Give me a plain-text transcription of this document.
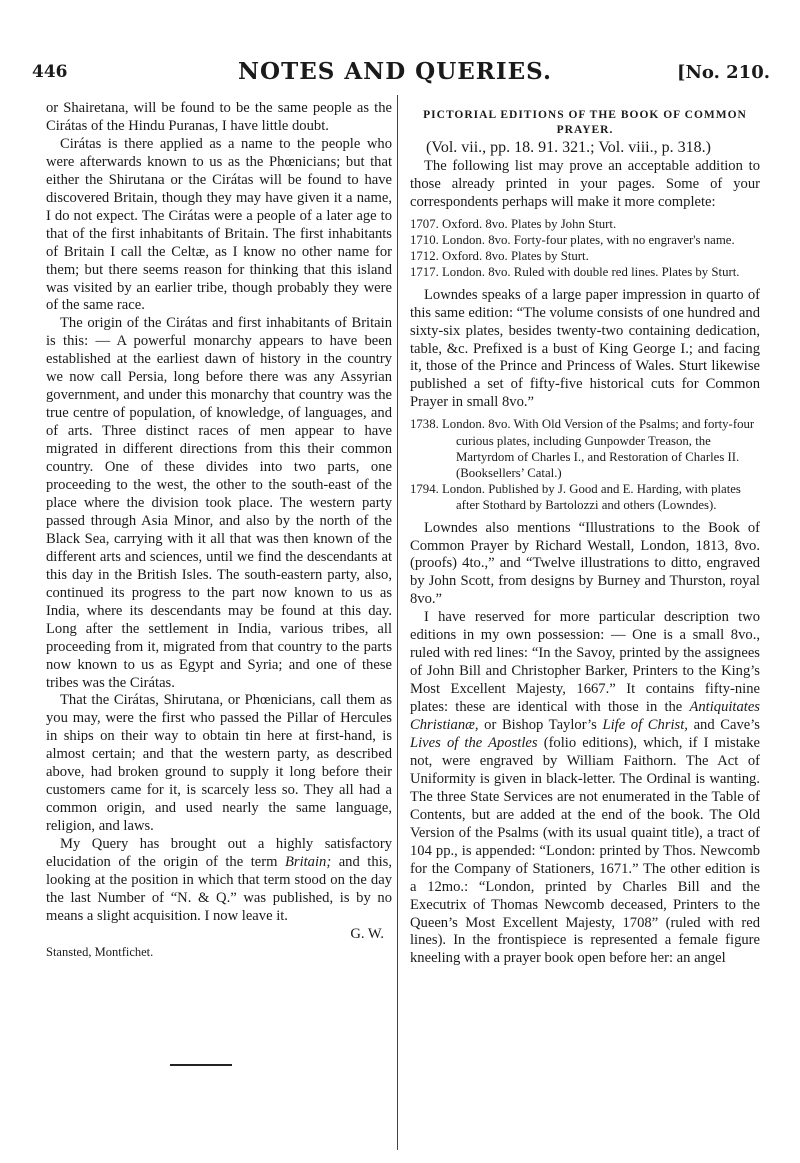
446	NOTES AND QUERIES.	[No. 210.

or Shairetana, will be found to be the same people as the Cirátas of the Hindu Puranas, I have little doubt.

Cirátas is there applied as a name to the people who were afterwards known to us as the Phœnicians; but that either the Shirutana or the Cirátas will be found to have discovered Britain, though they may have given it a name, I do not expect. The Cirátas were a people of a later age to that of the first inhabitants of Britain. The first inhabitants of Britain I call the Celtæ, as I know no other name for them; but there seems reason for thinking that this island was visited by an earlier tribe, though probably they were of the same race.

The origin of the Cirátas and first inhabitants of Britain is this: — A powerful monarchy appears to have been established at the earliest dawn of history in the country we now call Persia, long before there was any Assyrian government, and under this monarchy that country was the true centre of population, of knowledge, of languages, and of arts. Three distinct races of men appear to have migrated in different directions from this their common country. One of these divides into two parts, one proceeding to the west, the other to the south-east of the place where the division took place. The western party passed through Asia Minor, and also by the north of the Black Sea, carrying with it all that was then known of the different arts and sciences, until we find the descendants at this day in the British Isles. The south-eastern party, also, continued its progress to the part now known to us as India, where its descendants may be found at this day. Long after the settlement in India, various tribes, all proceeding from it, migrated from that country to the parts now known to us as Egypt and Syria; and one of these tribes was the Cirátas.

That the Cirátas, Shirutana, or Phœnicians, call them as you may, were the first who passed the Pillar of Hercules in ships on their way to obtain tin here at first-hand, is almost certain; and that the western party, as described above, had broken ground to supply it long before their customers came for it, is scarcely less so. They all had a common origin, and used nearly the same language, religion, and laws.

My Query has brought out a highly satisfactory elucidation of the origin of the term Britain; and this, looking at the position in which that term stood on the day the last Number of “N. & Q.” was published, is by no means a slight acquisition. I now leave it.

G. W.
Stansted, Montfichet.

PICTORIAL EDITIONS OF THE BOOK OF COMMON PRAYER.

(Vol. vii., pp. 18. 91. 321.; Vol. viii., p. 318.)

The following list may prove an acceptable addition to those already printed in your pages. Some of your correspondents perhaps will make it more complete:

1707. Oxford. 8vo. Plates by John Sturt.

1710. London. 8vo. Forty-four plates, with no engraver's name.

1712. Oxford. 8vo. Plates by Sturt.

1717. London. 8vo. Ruled with double red lines. Plates by Sturt.

Lowndes speaks of a large paper impression in quarto of this same edition: “The volume consists of one hundred and sixty-six plates, besides twenty-two containing dedication, table, &c. Prefixed is a bust of King George I.; and facing it, those of the Prince and Princess of Wales. Sturt likewise published a set of fifty-five historical cuts for Common Prayer in small 8vo.”

1738. London. 8vo. With Old Version of the Psalms; and forty-four curious plates, including Gunpowder Treason, the Martyrdom of Charles I., and Restoration of Charles II. (Booksellers’ Catal.)

1794. London. Published by J. Good and E. Harding, with plates after Stothard by Bartolozzi and others (Lowndes).

Lowndes also mentions “Illustrations to the Book of Common Prayer by Richard Westall, London, 1813, 8vo. (proofs) 4to.,” and “Twelve illustrations to ditto, engraved by John Scott, from designs by Burney and Thurston, royal 8vo.”

I have reserved for more particular description two editions in my own possession: — One is a small 8vo., ruled with red lines: “In the Savoy, printed by the assignees of John Bill and Christopher Barker, Printers to the King’s Most Excellent Majesty, 1667.” It contains fifty-nine plates: these are identical with those in the Antiquitates Christianæ, or Bishop Taylor’s Life of Christ, and Cave’s Lives of the Apostles (folio editions), which, if I mistake not, were engraved by William Faithorn. The Act of Uniformity is given in black-letter. The Ordinal is wanting. The three State Services are not enumerated in the Table of Contents, but are added at the end of the book. The Old Version of the Psalms (with its usual quaint title), a tract of 104 pp., is appended: “London: printed by Thos. Newcomb for the Company of Stationers, 1671.” The other edition is a 12mo.: “London, printed by Charles Bill and the Executrix of Thomas Newcomb deceased, Printers to the Queen’s Most Excellent Majesty, 1708” (ruled with red lines). In the frontispiece is represented a female figure kneeling with a prayer book open before her: an angel
